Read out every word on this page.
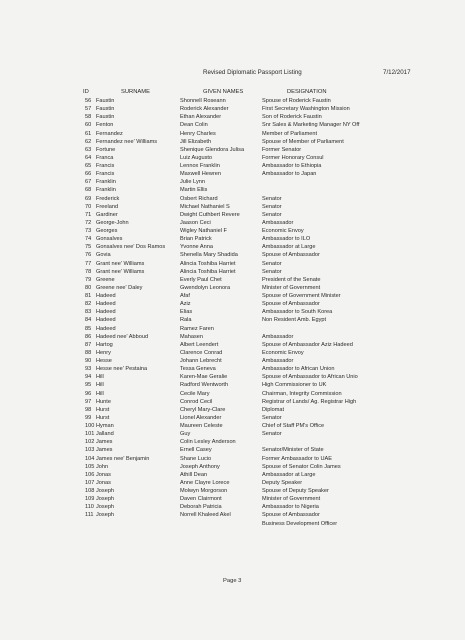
Revised Diplomatic Passport Listing	7/12/2017
ID	SURNAME	GIVEN NAMES	DESIGNATION
56 Faustin	Shonnell Roseann	Spouse of Roderick Faustin
57 Faustin	Roderick Alexander	First Secretary Washington Mission
58 Faustin	Ethan Alexander	Son of Roderick Faustin
60 Fenton	Dean Colin	Snr Sales & Marketing Manager NY Off
61 Fernandez	Henry Charles	Member of Parliament
62 Fernandez nee' Williams	Jill Elizabeth	Spouse of Member of Parliament
63 Fortune	Shenique Glendora Julisa	Former Senator
64 Franca	Luiz Augusto	Former Honorary Consul
65 Francis	Lennox Franklin	Ambassador to Ethiopia
66 Francis	Maxwell Hewren	Ambassador to Japan
67 Franklin	Julie Lynn
68 Franklin	Martin Ellis
69 Frederick	Osbert Richard	Senator
70 Freeland	Michael Nathaniel S	Senator
71 Gardiner	Dwight Cuthbert Revere	Senator
72 George-John	Jaason Ceci	Ambassador
73 Georges	Wigley Nathaniel F	Economic Envoy
74 Gonsalves	Brian Patrick	Ambassador to ILO
75 Gonsalves nee' Dos Ramos	Yvonne Anna	Ambassador at Large
76 Govia	Shenella Mary Shadida	Spouse of Ambassador
77 Grant nee' Williams	Alincia Toshiba Harriet	Senator
78 Grant nee' Williams	Alincia Toshiba Harriet	Senator
79 Greene	Everly Paul Chet	President of the Senate
80 Greene nee' Daley	Gwendolyn Leonora	Minister of Government
81 Hadeed	Afaf	Spouse of Government Minister
82 Hadeed	Aziz	Spouse of Ambassador
83 Hadeed	Elias	Ambassador to South Korea
84 Hadeed	Rala	Non Resident Amb. Egypt
85 Hadeed	Ramez Faren
86 Hadeed nee' Abboud	Mahasen	Ambassador
87 Hartog	Albert Leendert	Spouse of Ambassador Aziz Hadeed
88 Henry	Clarence Conrad	Economic Envoy
90 Hesse	Johann Lebrecht	Ambassador
93 Hesse nee' Pestaina	Tessa Geneva	Ambassador to African Union
94 Hill	Karen-Mae Geralie	Spouse of Ambassador to African Unio
95 Hill	Radford Wentworth	High Commissioner to UK
96 Hill	Cecile Mary	Chairman, Integrity Commission
97 Hunte	Conrod Cecil	Registrar of Lands/ Ag. Registrar High
98 Hurst	Cheryl Mary-Clare	Diplomat
99 Hurst	Lionel Alexander	Senator
100 Hyman	Maureen Celeste	Chief of Staff PM's Office
101 Jalland	Guy	Senator
102 James	Colin Lesley Anderson
103 James	Ernell Casey	Senator/Minister of State
104 James nee' Benjamin	Shane Lucio	Former Ambassador to UAE
105 John	Joseph Anthony	Spouse of Senator Colin James
106 Jonas	Athill Dean	Ambassador at Large
107 Jonas	Anne Clayre Lorece	Deputy Speaker
108 Joseph	Molwyn Morgorson	Spouse of Deputy Speaker
109 Joseph	Daven Clairmont	Minister of Government
110 Joseph	Deborah Patricia	Ambassador to Nigeria
111 Joseph	Norrell Khaleed Akel	Spouse of Ambassador
Business Development Officer
Page 3
